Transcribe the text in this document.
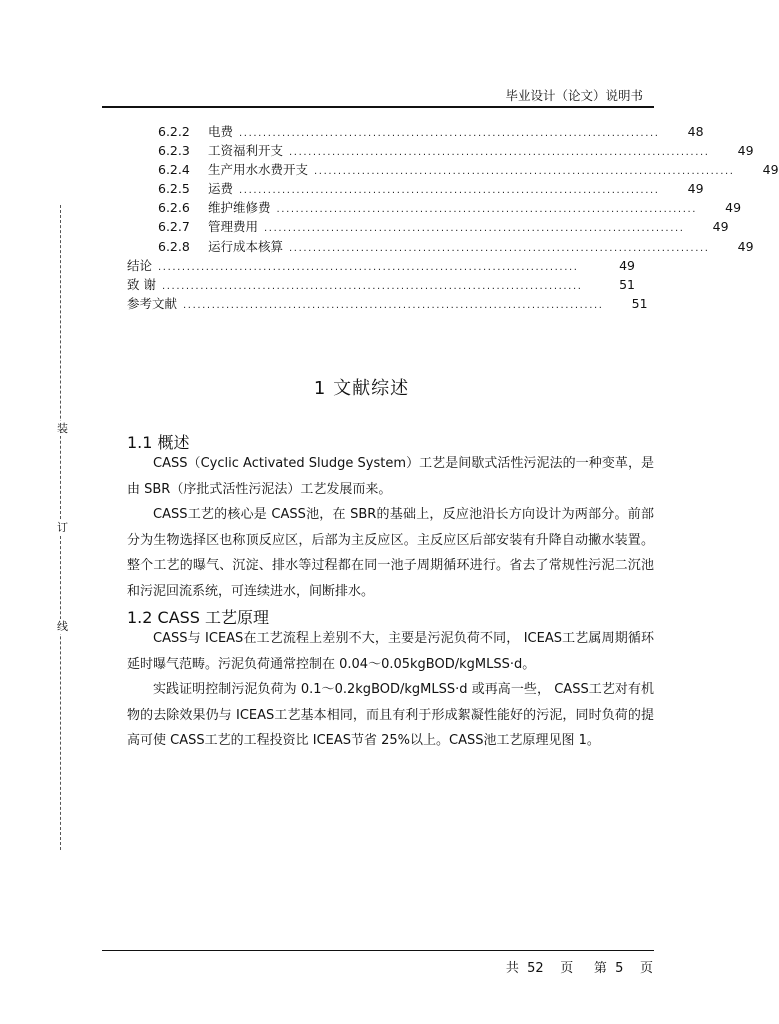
毕业设计（论文）说明书
装
订
线
6.2.2	电费 ........................................................................................	48
6.2.3	工资福利开支 ........................................................................................	49
6.2.4	生产用水水费开支 ........................................................................................	49
6.2.5	运费 ........................................................................................	49
6.2.6	维护维修费 ........................................................................................	49
6.2.7	管理费用 ........................................................................................	49
6.2.8	运行成本核算 ........................................................................................	49
结论 ........................................................................................	49
致 谢 ........................................................................................	51
参考文献 ........................................................................................	51
1 文献综述
1.1 概述

CASS（Cyclic Activated Sludge System）工艺是间歇式活性污泥法的一种变革，是由 SBR（序批式活性污泥法）工艺发展而来。

CASS工艺的核心是 CASS池，在 SBR的基础上，反应池沿长方向设计为两部分。前部分为生物选择区也称顶反应区，后部为主反应区。主反应区后部安装有升降自动撇水装置。整个工艺的曝气、沉淀、排水等过程都在同一池子周期循环进行。省去了常规性污泥二沉池和污泥回流系统，可连续进水，间断排水。

1.2 CASS 工艺原理

CASS与 ICEAS在工艺流程上差别不大，主要是污泥负荷不同， ICEAS工艺属周期循环延时曝气范畴。污泥负荷通常控制在 0.04～0.05kgBOD/kgMLSS·d。

实践证明控制污泥负荷为 0.1～0.2kgBOD/kgMLSS·d 或再高一些， CASS工艺对有机物的去除效果仍与 ICEAS工艺基本相同，而且有利于形成絮凝性能好的污泥，同时负荷的提高可使 CASS工艺的工程投资比 ICEAS节省 25%以上。CASS池工艺原理见图 1。

共 52 页 第 5 页
